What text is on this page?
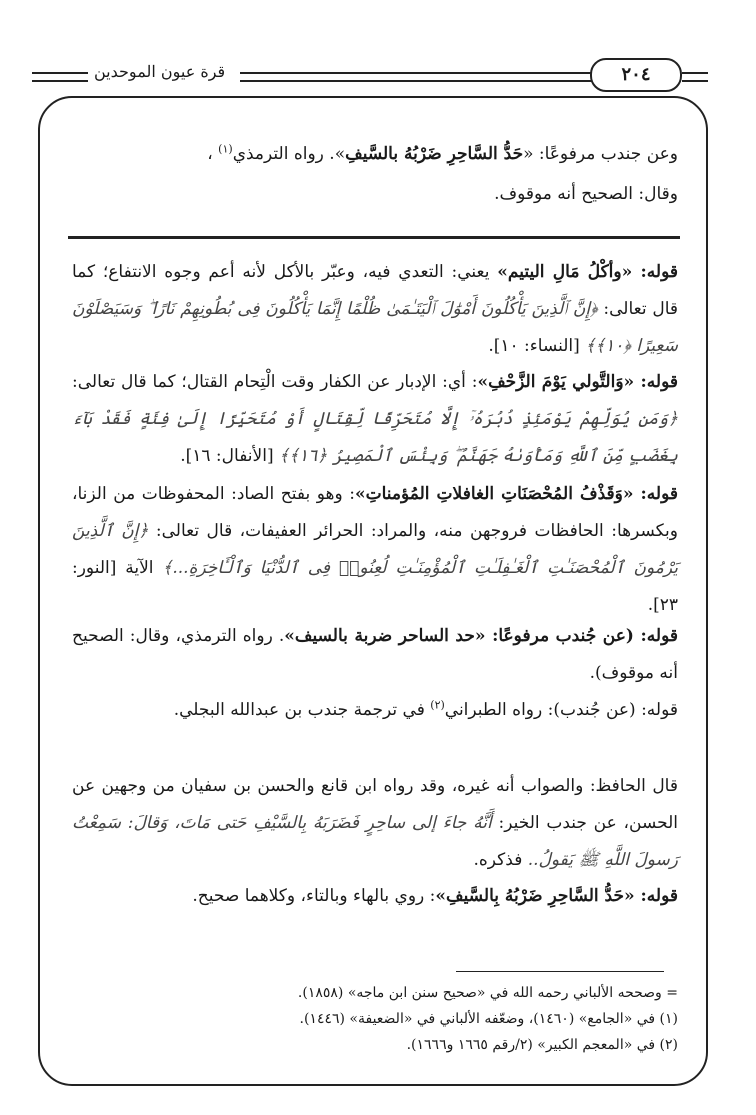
قرة عيون الموحدين	٢٠٤

وعن جندب مرفوعًا: «حَدُّ السَّاحِرِ ضَرْبُهُ بالسَّيفِ». رواه الترمذي$^{(١)}$ ،

وقال: الصحيح أنه موقوف.

قوله: «وأكْلُ مَالِ اليتيم» يعني: التعدي فيه، وعبّر بالأكل لأنه أعم وجوه الانتفاع؛ كما قال تعالى: ﴿إِنَّ ٱلَّذِينَ يَأْكُلُونَ أَمْوَٰلَ ٱلْيَتَـٰمَىٰ ظُلْمًا إِنَّمَا يَأْكُلُونَ فِى بُطُونِهِمْ نَارًا ۖ وَسَيَصْلَوْنَ سَعِيرًا ﴿١٠﴾﴾ [النساء: ١٠].
قوله: «وَالتَّولي يَوْمَ الزَّحْفِ»: أي: الإدبار عن الكفار وقت الْتِحام القتال؛ كما قال تعالى: ﴿وَمَن يُوَلِّهِمْ يَوْمَئِذٍ دُبُرَهُۥٓ إِلَّا مُتَحَرِّفًا لِّقِتَالٍ أَوْ مُتَحَيِّزًا إِلَىٰ فِئَةٍ فَقَدْ بَآءَ بِغَضَبٍ مِّنَ ٱللَّهِ وَمَأْوَىٰهُ جَهَنَّمُ ۖ وَبِئْسَ ٱلْمَصِيرُ ﴿١٦﴾﴾ [الأنفال: ١٦].
قوله: «وَقَذْفُ المُحْصَنَاتِ الغافلاتِ المُؤمناتِ»: وهو بفتح الصاد: المحفوظات من الزنا، وبكسرها: الحافظات فروجهن منه، والمراد: الحرائر العفيفات، قال تعالى: ﴿إِنَّ ٱلَّذِينَ يَرْمُونَ ٱلْمُحْصَنَـٰتِ ٱلْغَـٰفِلَـٰتِ ٱلْمُؤْمِنَـٰتِ لُعِنُوا۟ فِى ٱلدُّنْيَا وَٱلْـَٔاخِرَةِ...﴾ الآية [النور: ٢٣].
قوله: (عن جُندب مرفوعًا: «حد الساحر ضربة بالسيف». رواه الترمذي، وقال: الصحيح أنه موقوف).
قوله: (عن جُندب): رواه الطبراني$^{(٢)}$ في ترجمة جندب بن عبدالله البجلي.
قال الحافظ: والصواب أنه غيره، وقد رواه ابن قانع والحسن بن سفيان من وجهين عن الحسن، عن جندب الخير: أَنَّهُ جاءَ إلى ساحِرٍ فَضَرَبَهُ بِالسَّيْفِ حَتى مَاتَ، وَقالَ: سَمِعْتُ رَسولَ اللَّهِ ﷺ يَقولُ.. فذكره.
قوله: «حَدُّ السَّاحِرِ ضَرْبُهُ بِالسَّيفِ»: روي بالهاء وبالتاء، وكلاهما صحيح.
= وصححه الألباني رحمه الله في «صحيح سنن ابن ماجه» (١٨٥٨).
(١) في «الجامع» (١٤٦٠)، وضعّفه الألباني في «الضعيفة» (١٤٤٦).
(٢) في «المعجم الكبير» (٢/رقم ١٦٦٥ و١٦٦٦).
